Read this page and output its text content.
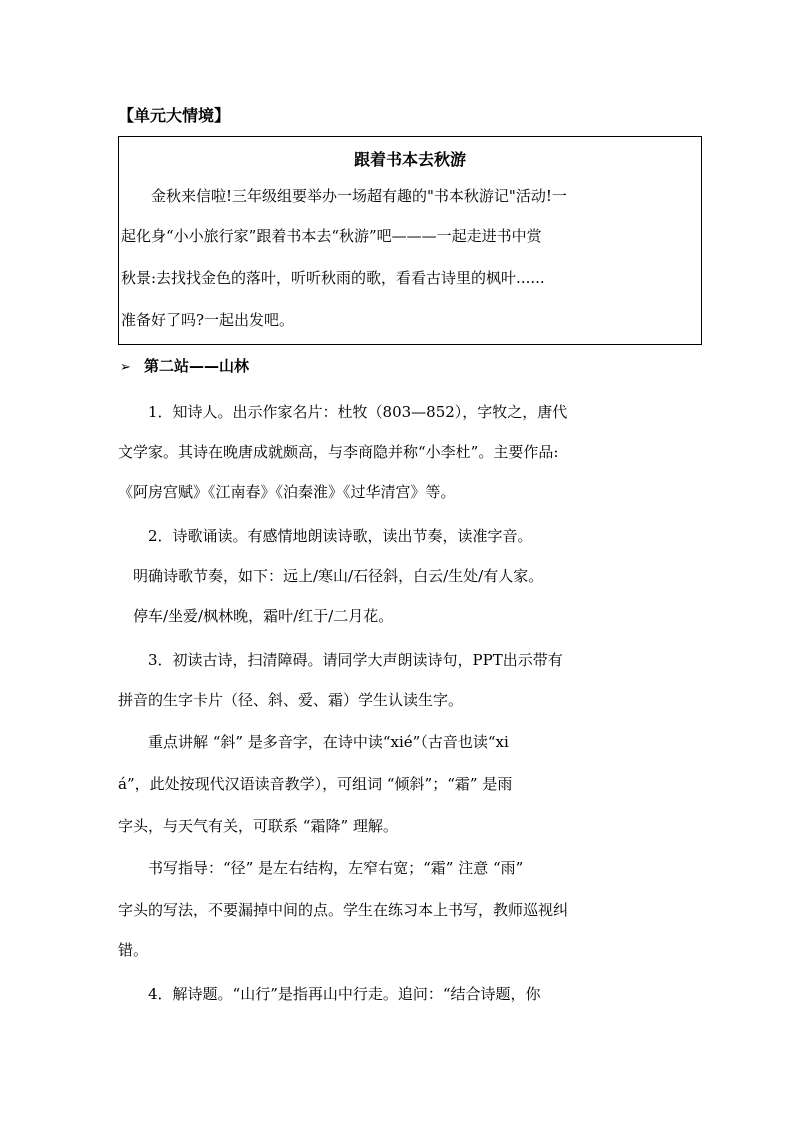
【单元大情境】
跟着书本去秋游
　　金秋来信啦!三年级组要举办一场超有趣的"书本秋游记"活动!一
起化身“小小旅行家”跟着书本去“秋游”吧———一起走进书中赏
秋景:去找找金色的落叶，听听秋雨的歌，看看古诗里的枫叶......
准备好了吗?一起出发吧。
➢ 第二站——山林
　　1．知诗人。出示作家名片：杜牧（803—852），字牧之，唐代
文学家。其诗在晚唐成就颇高，与李商隐并称“小李杜”。主要作品:
《阿房宫赋》《江南春》《泊秦淮》《过华清宫》等。
　　2．诗歌诵读。有感情地朗读诗歌，读出节奏，读准字音。
　明确诗歌节奏，如下：远上/寒山/石径斜，白云/生处/有人家。
　停车/坐爱/枫林晚，霜叶/红于/二月花。
　　3．初读古诗，扫清障碍。请同学大声朗读诗句，PPT出示带有
拼音的生字卡片（径、斜、爱、霜）学生认读生字。
　　重点讲解 “斜” 是多音字，在诗中读“xié”（古音也读“xi
á”，此处按现代汉语读音教学），可组词 “倾斜”；“霜” 是雨
字头，与天气有关，可联系 “霜降” 理解。
　　书写指导：“径” 是左右结构，左窄右宽；“霜” 注意 “雨”
字头的写法，不要漏掉中间的点。学生在练习本上书写，教师巡视纠
错。
　　4．解诗题。“山行”是指再山中行走。追问：“结合诗题，你
